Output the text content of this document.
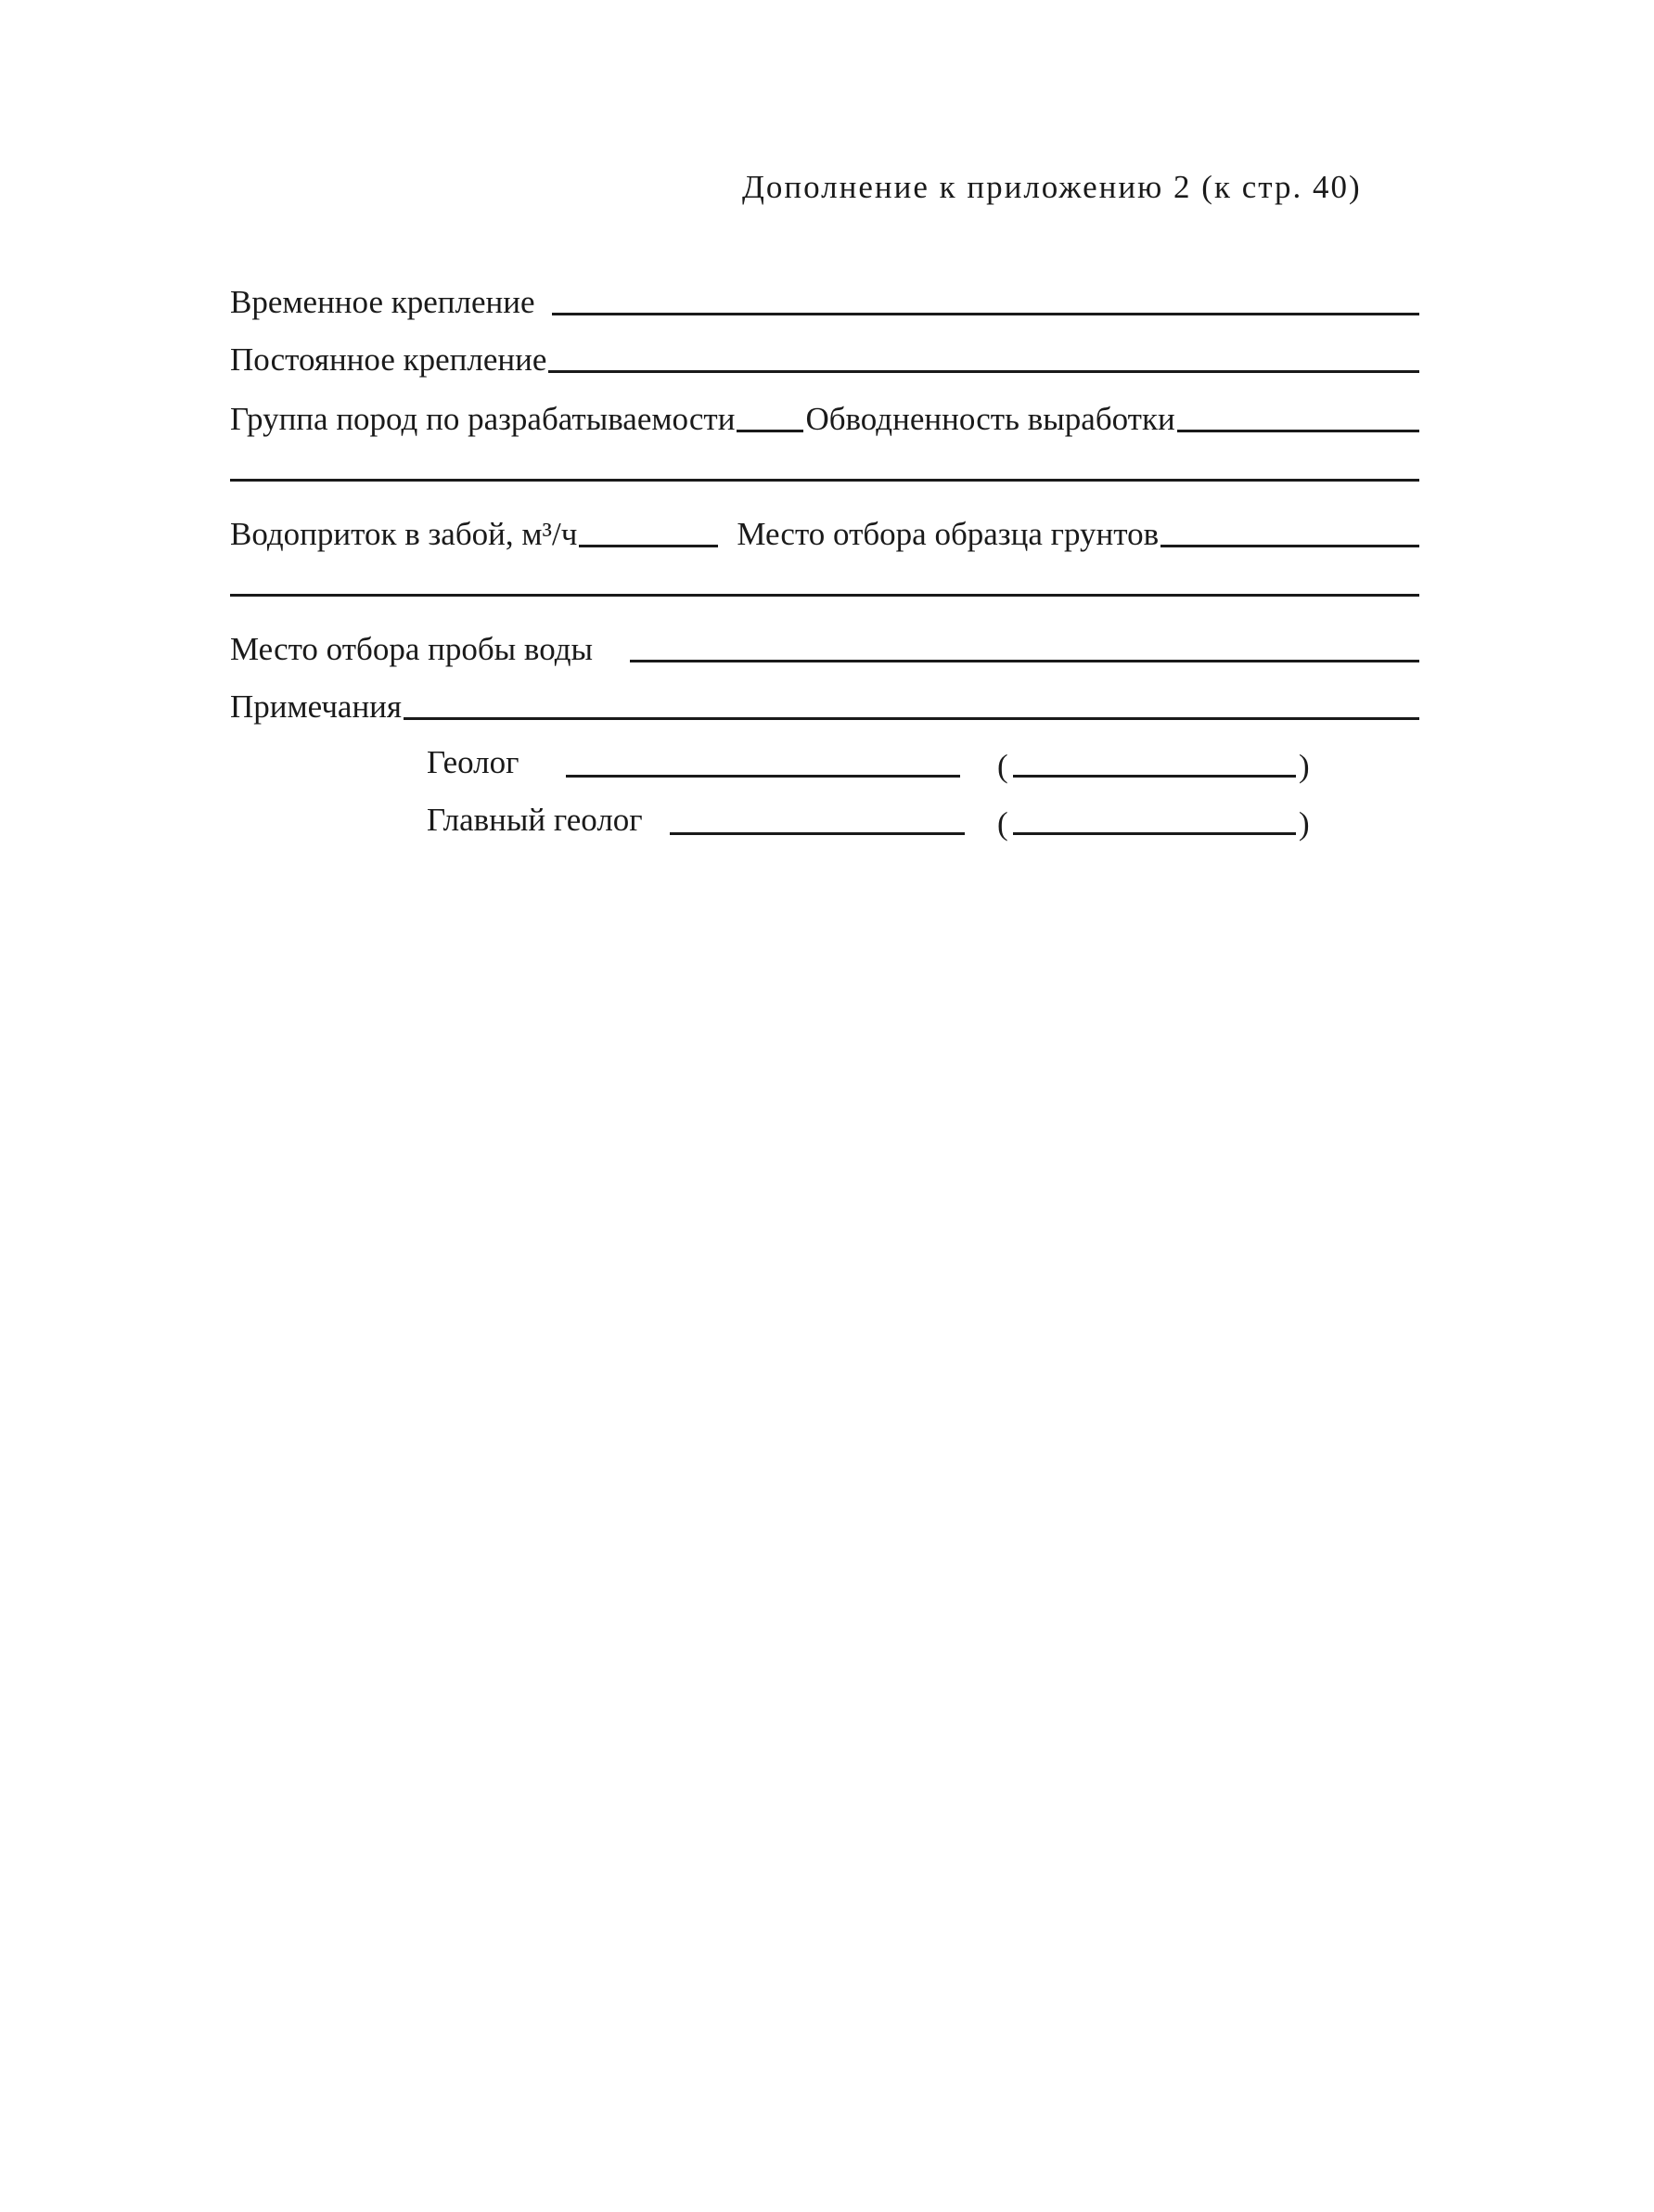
Дополнение к приложению 2 (к стр. 40)
Временное крепление
Постоянное крепление
Группа пород по разрабатываемости Обводненность выработки
Водоприток в забой, м³/ч	Место отбора образца грунтов
Место отбора пробы воды
Примечания
Геолог	(	)
Главный геолог	(	)
